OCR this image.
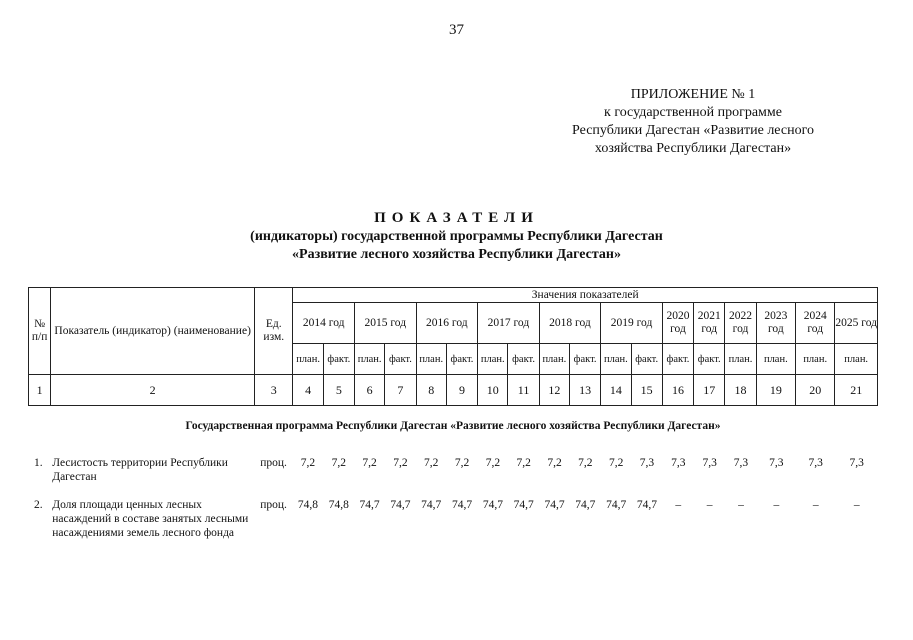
37
ПРИЛОЖЕНИЕ № 1
к государственной программе
Республики Дагестан «Развитие лесного
хозяйства Республики Дагестан»
ПОКАЗАТЕЛИ
(индикаторы) государственной программы Республики Дагестан
«Развитие лесного хозяйства Республики Дагестан»
№ п/п	Показатель (индикатор) (наименование)	Ед. изм.	Значения показателей																	
			2014 год		2015 год		2016 год		2017 год		2018 год		2019 год		2020 год	2021 год	2022 год	2023 год	2024 год	2025 год
			план.	факт.	план.	факт.	план.	факт.	план.	факт.	план.	факт.	план.	факт.	факт.	факт.	план.	план.	план.	план.
1	2	3	4	5	6	7	8	9	10	11	12	13	14	15	16	17	18	19	20	21
Государственная программа Республики Дагестан «Развитие лесного хозяйства Республики Дагестан»
1.	Лесистость территории Республики Дагестан	проц.	7,2	7,2	7,2	7,2	7,2	7,2	7,2	7,2	7,2	7,2	7,2	7,3	7,3	7,3	7,3	7,3	7,3	7,3

2.	Доля площади ценных лесных насаждений в составе занятых лесными насаждениями земель лесного фонда	проц.	74,8	74,8	74,7	74,7	74,7	74,7	74,7	74,7	74,7	74,7	74,7	74,7	–	–	–	–	–	–
